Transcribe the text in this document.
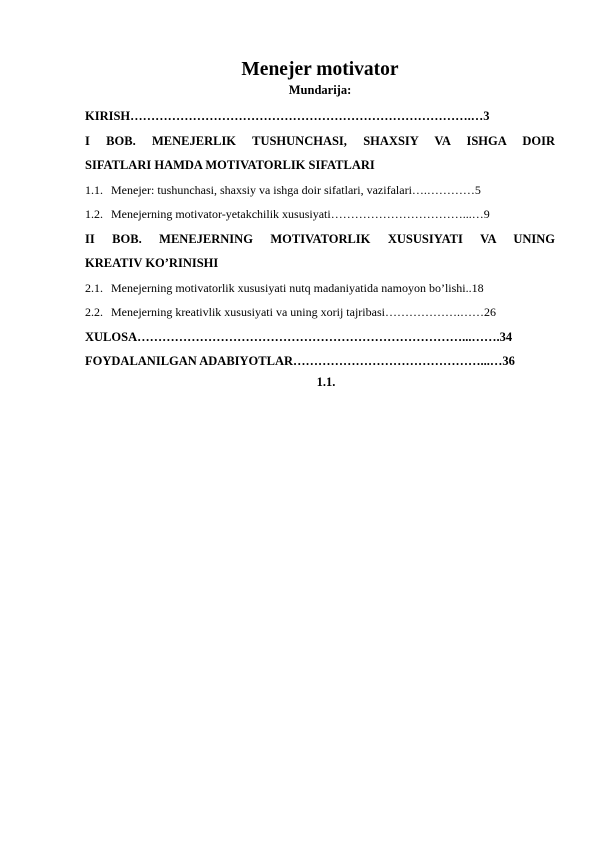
Menejer motivator
Mundarija:
KIRISH……………………………………………………………………….…3
I BOB. MENEJERLIK TUSHUNCHASI, SHAXSIY VA ISHGA DOIR
SIFATLARI HAMDA MOTIVATORLIK SIFATLARI
1.1. Menejer: tushunchasi, shaxsiy va ishga doir sifatlari, vazifalari….…………5
1.2. Menejerning motivator-yetakchilik xususiyati……………………………...…9
II BOB. MENEJERNING MOTIVATORLIK XUSUSIYATI VA UNING
KREATIV KO’RINISHI
2.1. Menejerning motivatorlik xususiyati nutq madaniyatida namoyon bo’lishi..18
2.2. Menejerning kreativlik xususiyati va uning xorij tajribasi……………….……26
XULOSA……………………………………………………………………...…….34
FOYDALANILGAN ADABIYOTLAR………………………………………...…36
1.1.
